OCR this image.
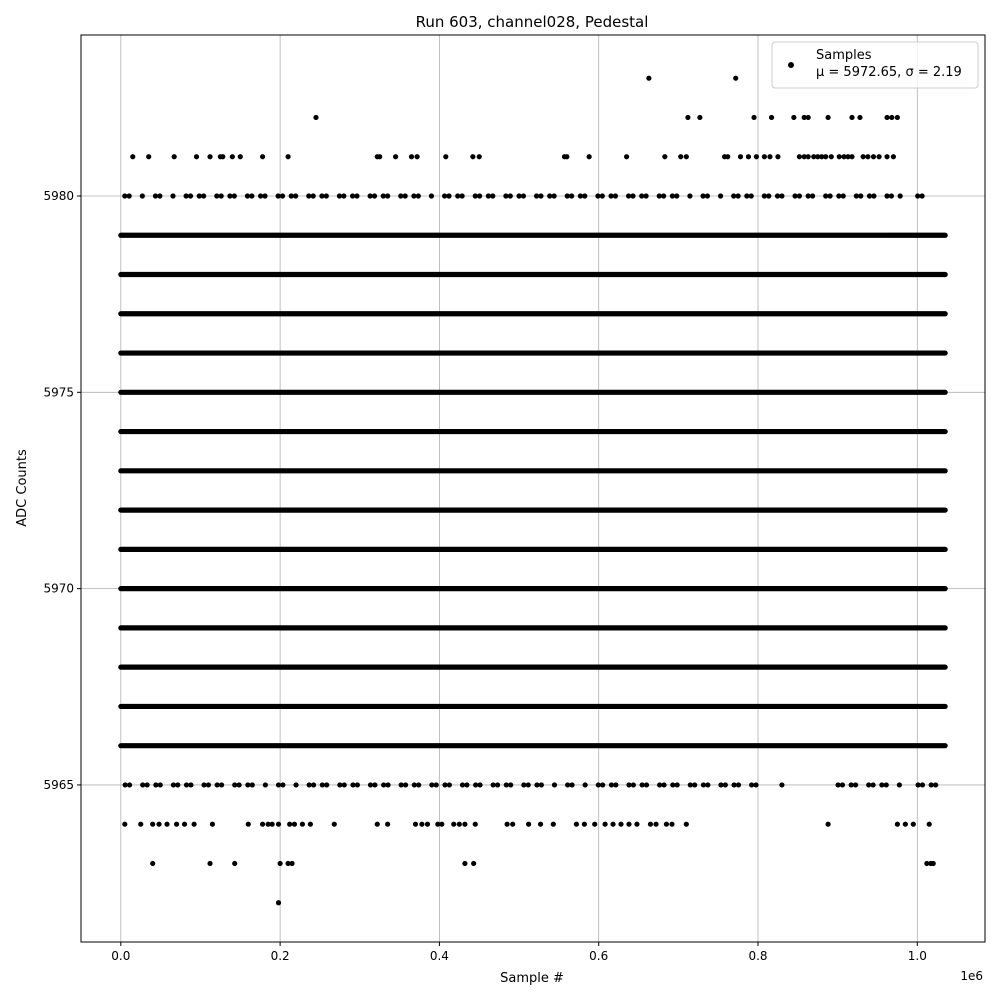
Run 603, channel028, Pedestal
0.0	0.2	0.4	0.6	0.8	1.0
5965
5970
5975
5980
Sample #
ADC Counts
1e6
Samples
μ = 5972.65, σ = 2.19
